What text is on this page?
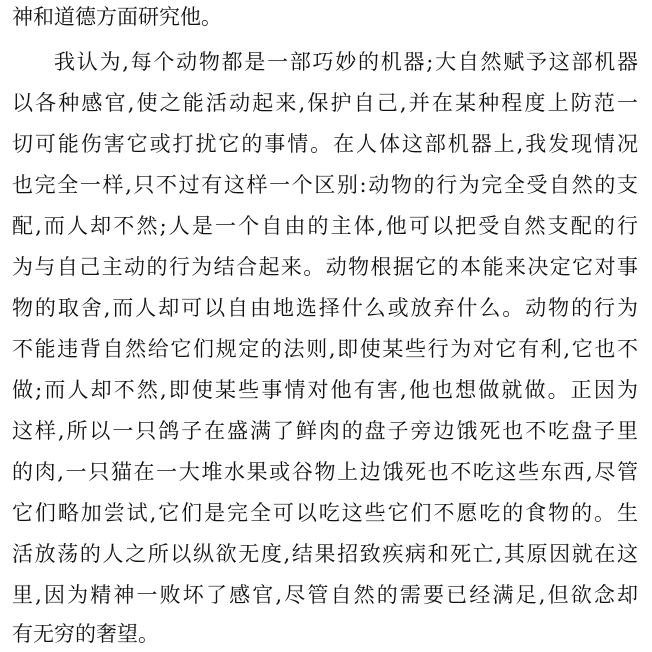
神和道德方面研究他。
我认为,每个动物都是一部巧妙的机器;大自然赋予这部机器
以各种感官,使之能活动起来,保护自己,并在某种程度上防范一
切可能伤害它或打扰它的事情。在人体这部机器上,我发现情况
也完全一样,只不过有这样一个区别:动物的行为完全受自然的支
配,而人却不然;人是一个自由的主体,他可以把受自然支配的行
为与自己主动的行为结合起来。动物根据它的本能来决定它对事
物的取舍,而人却可以自由地选择什么或放弃什么。动物的行为
不能违背自然给它们规定的法则,即使某些行为对它有利,它也不
做;而人却不然,即使某些事情对他有害,他也想做就做。正因为
这样,所以一只鸽子在盛满了鲜肉的盘子旁边饿死也不吃盘子里
的肉,一只猫在一大堆水果或谷物上边饿死也不吃这些东西,尽管
它们略加尝试,它们是完全可以吃这些它们不愿吃的食物的。生
活放荡的人之所以纵欲无度,结果招致疾病和死亡,其原因就在这
里,因为精神一败坏了感官,尽管自然的需要已经满足,但欲念却
有无穷的奢望。
